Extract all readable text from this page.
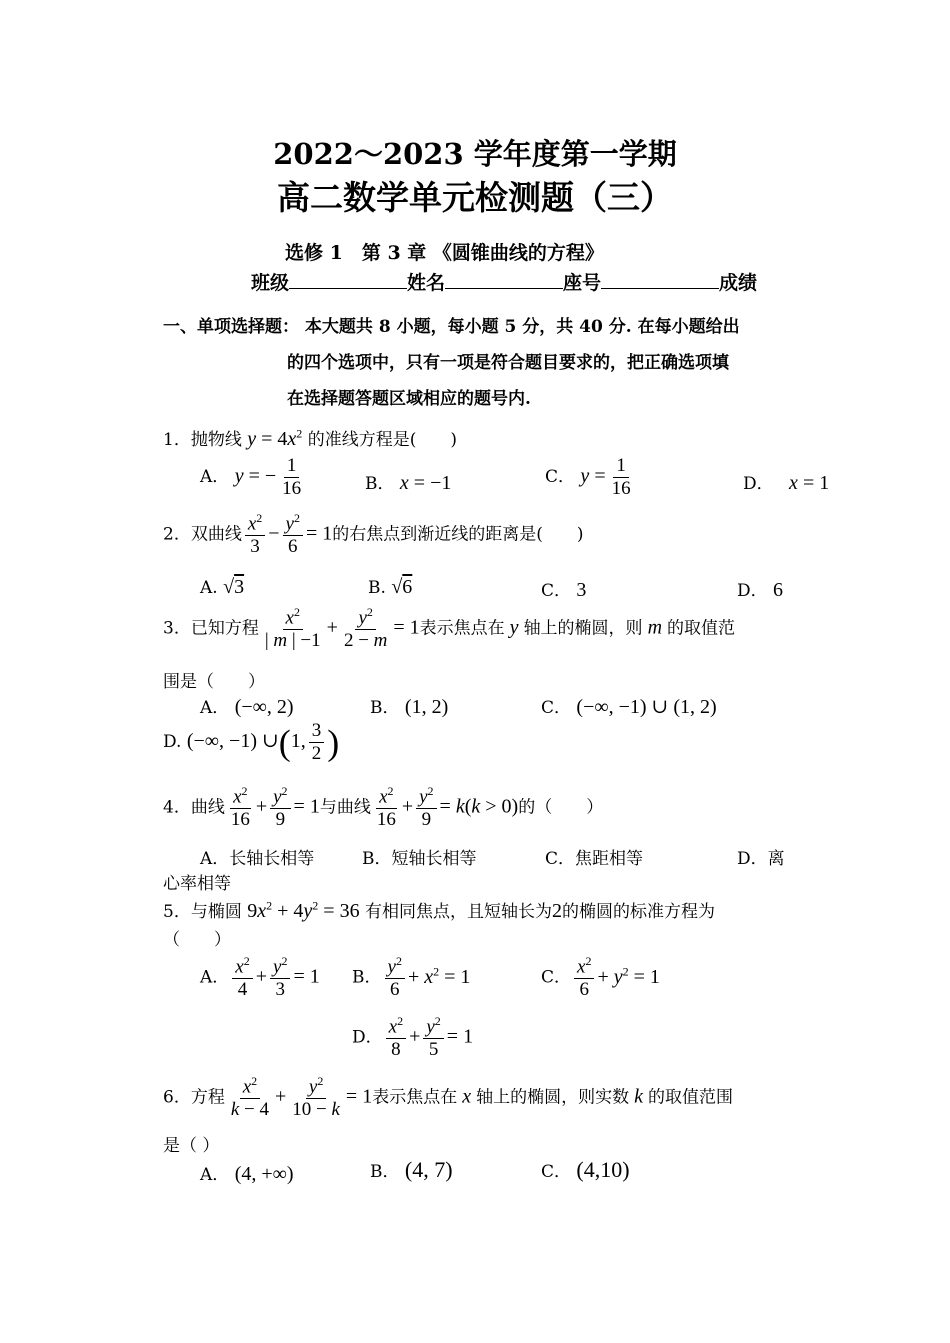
2022～2023 学年度第一学期
高二数学单元检测题（三）
选修 1　第 3 章 《圆锥曲线的方程》
班级	姓名	座号	成绩
一、单项选择题： 本大题共 8 小题，每小题 5 分，共 40 分. 在每小题给出
的四个选项中，只有一项是符合题目要求的，把正确选项填
在选择题答题区域相应的题号内.
1．抛物线 $y = 4x^2$ 的准线方程是(　　)
A． y = − $\frac{1}{16}$	B． x = −1	C． $y = \frac{1}{16}$	D． x = 1
2．双曲线 $\frac{x^2}{3} - \frac{y^2}{6} = 1$的右焦点到渐近线的距离是(　　)
A. √3	B. √6	C． 3	D． 6
3．已知方程 $\frac{x^2}{| m | -1} + \frac{y^2}{2 - m} = 1$表示焦点在 y 轴上的椭圆，则 m 的取值范
围是（　　）
A． (−∞, 2)	B． (1, 2)	C． (−∞, −1) ∪ (1, 2)
D. (−∞, −1) ∪(1, $\frac{3}{2}$ )
4．曲线 $\frac{x^2}{16} + \frac{y^2}{9} = 1$与曲线 $\frac{x^2}{16} + \frac{y^2}{9} = k(k > 0)$的（　　）
A．长轴长相等	B．短轴长相等	C．焦距相等	D．离
心率相等
5．与椭圆 $9x^2 + 4y^2 = 36$ 有相同焦点，且短轴长为2的椭圆的标准方程为
（　　）
A． $\frac{x^2}{4} + \frac{y^2}{3} = 1$ B． $\frac{y^2}{6} + x^2 = 1$	C． $\frac{x^2}{6} + y^2 = 1$
D． $\frac{x^2}{8} + \frac{y^2}{5} = 1$
6．方程 $\frac{x^2}{k - 4} + \frac{y^2}{10 - k} = 1$表示焦点在 x 轴上的椭圆，则实数 k 的取值范围
是（ ）
A． (4, +∞)	B． (4, 7)	C． (4,10)
